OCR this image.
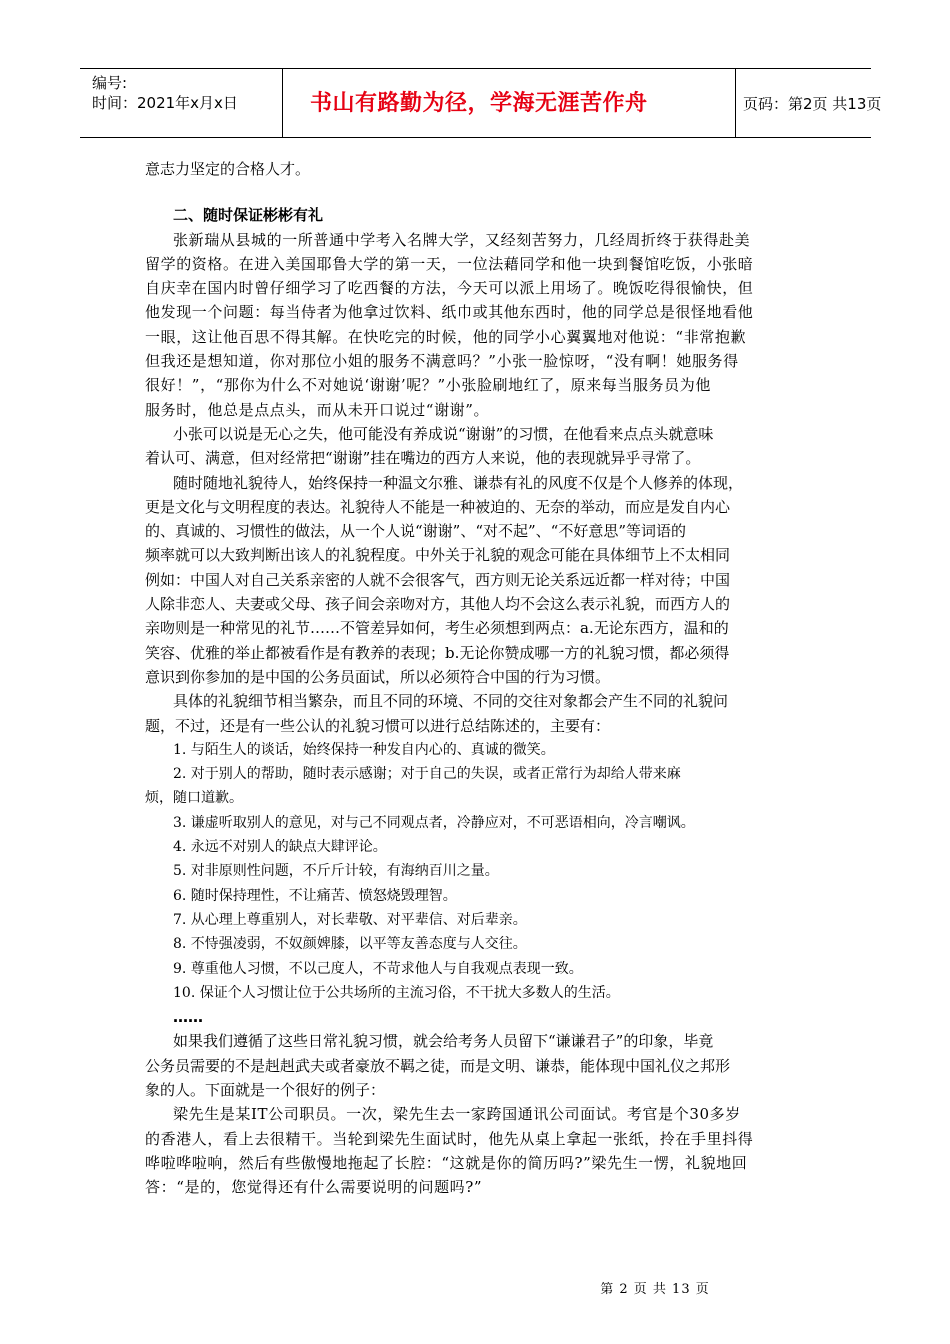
编号:
时间：2021年x月x日	书山有路勤为径，学海无涯苦作舟	页码：第2页 共13页
意志力坚定的合格人才。
二、随时保证彬彬有礼
张新瑞从县城的一所普通中学考入名牌大学，又经刻苦努力，几经周折终于获得赴美
留学的资格。在进入美国耶鲁大学的第一天，一位法藉同学和他一块到餐馆吃饭，小张暗
自庆幸在国内时曾仔细学习了吃西餐的方法，今天可以派上用场了。晚饭吃得很愉快，但
他发现一个问题：每当侍者为他拿过饮料、纸巾或其他东西时，他的同学总是很怪地看他
一眼，这让他百思不得其解。在快吃完的时候，他的同学小心翼翼地对他说：“非常抱歉
但我还是想知道，你对那位小姐的服务不满意吗？”小张一脸惊呀，“没有啊！她服务得
很好！”，“那你为什么不对她说‘谢谢’呢？”小张脸刷地红了，原来每当服务员为他
服务时，他总是点点头，而从未开口说过“谢谢”。
小张可以说是无心之失，他可能没有养成说“谢谢”的习惯，在他看来点点头就意味
着认可、满意，但对经常把“谢谢”挂在嘴边的西方人来说，他的表现就异乎寻常了。
随时随地礼貌待人，始终保持一种温文尔雅、谦恭有礼的风度不仅是个人修养的体现，
更是文化与文明程度的表达。礼貌待人不能是一种被迫的、无奈的举动，而应是发自内心
的、真诚的、习惯性的做法，从一个人说“谢谢”、“对不起”、“不好意思”等词语的
频率就可以大致判断出该人的礼貌程度。中外关于礼貌的观念可能在具体细节上不太相同
例如：中国人对自己关系亲密的人就不会很客气，西方则无论关系远近都一样对待；中国
人除非恋人、夫妻或父母、孩子间会亲吻对方，其他人均不会这么表示礼貌，而西方人的
亲吻则是一种常见的礼节……不管差异如何，考生必须想到两点：a.无论东西方，温和的
笑容、优雅的举止都被看作是有教养的表现；b.无论你赞成哪一方的礼貌习惯，都必须得
意识到你参加的是中国的公务员面试，所以必须符合中国的行为习惯。
具体的礼貌细节相当繁杂，而且不同的环境、不同的交往对象都会产生不同的礼貌问
题，不过，还是有一些公认的礼貌习惯可以进行总结陈述的，主要有：
1. 与陌生人的谈话，始终保持一种发自内心的、真诚的微笑。
2. 对于别人的帮助，随时表示感谢；对于自己的失误，或者正常行为却给人带来麻
烦，随口道歉。
3. 谦虚听取别人的意见，对与己不同观点者，冷静应对，不可恶语相向，冷言嘲讽。
4. 永远不对别人的缺点大肆评论。
5. 对非原则性问题，不斤斤计较，有海纳百川之量。
6. 随时保持理性，不让痛苦、愤怒烧毁理智。
7. 从心理上尊重别人，对长辈敬、对平辈信、对后辈亲。
8. 不恃强凌弱，不奴颜婢膝，以平等友善态度与人交往。
9. 尊重他人习惯，不以己度人，不苛求他人与自我观点表现一致。
10. 保证个人习惯让位于公共场所的主流习俗，不干扰大多数人的生活。
……
如果我们遵循了这些日常礼貌习惯，就会给考务人员留下“谦谦君子”的印象，毕竟
公务员需要的不是赳赳武夫或者豪放不羁之徒，而是文明、谦恭，能体现中国礼仪之邦形
象的人。下面就是一个很好的例子：
梁先生是某IT公司职员。一次，梁先生去一家跨国通讯公司面试。考官是个30多岁
的香港人，看上去很精干。当轮到梁先生面试时，他先从桌上拿起一张纸，拎在手里抖得
哗啦哗啦响，然后有些傲慢地拖起了长腔：“这就是你的简历吗?”梁先生一愣，礼貌地回
答：“是的，您觉得还有什么需要说明的问题吗?”
第 2 页 共 13 页
